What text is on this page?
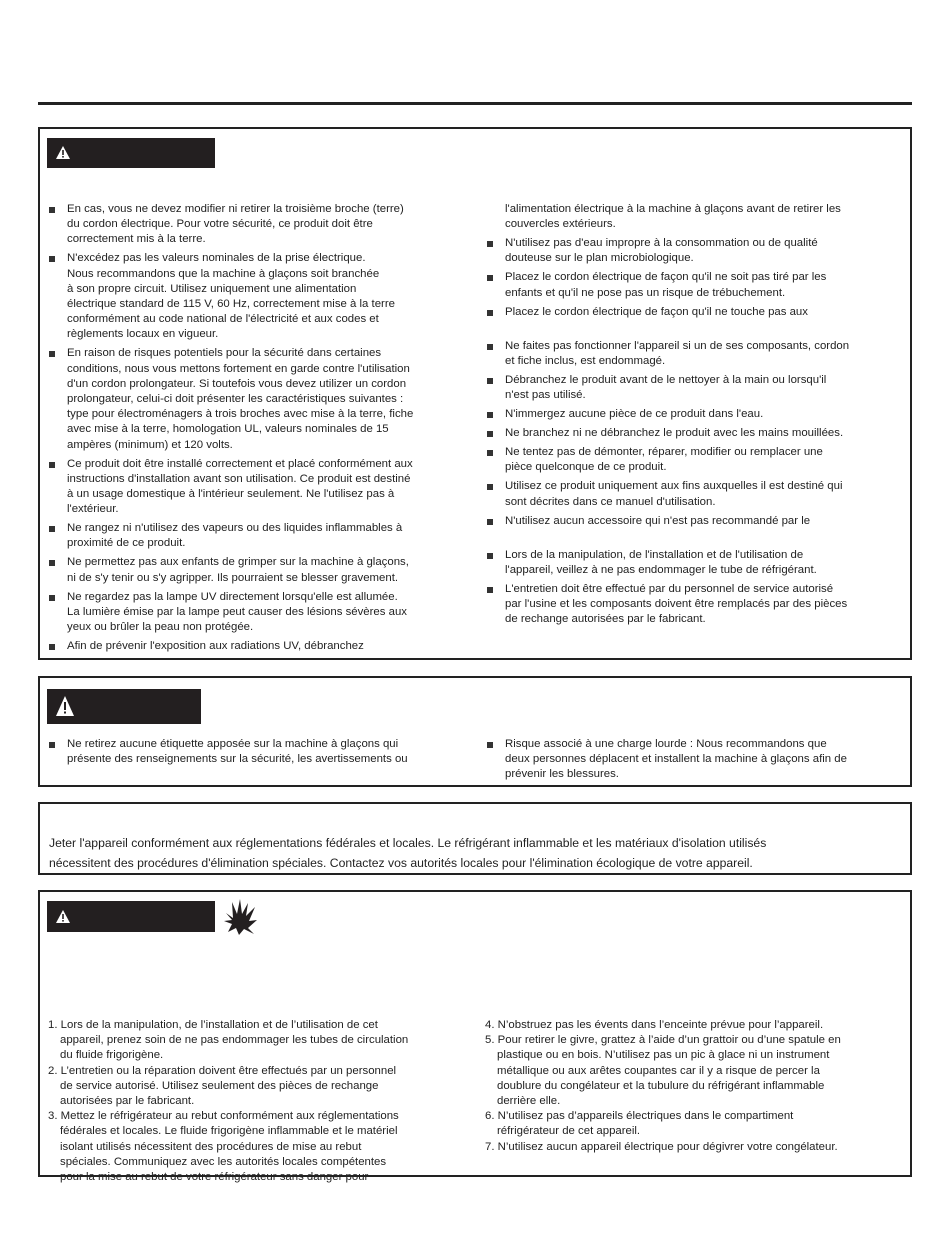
En cas, vous ne devez modifier ni retirer la troisième broche (terre)
du cordon électrique. Pour votre sécurité, ce produit doit être
correctement mis à la terre.
N'excédez pas les valeurs nominales de la prise électrique.
Nous recommandons que la machine à glaçons soit branchée
à son propre circuit. Utilisez uniquement une alimentation
électrique standard de 115 V, 60 Hz, correctement mise à la terre
conformément au code national de l'électricité et aux codes et
règlements locaux en vigueur.
En raison de risques potentiels pour la sécurité dans certaines
conditions, nous vous mettons fortement en garde contre l'utilisation
d'un cordon prolongateur. Si toutefois vous devez utilizer un cordon
prolongateur, celui-ci doit présenter les caractéristiques suivantes :
type pour électroménagers à trois broches avec mise à la terre, fiche
avec mise à la terre, homologation UL, valeurs nominales de 15
ampères (minimum) et 120 volts.
Ce produit doit être installé correctement et placé conformément aux
instructions d'installation avant son utilisation. Ce produit est destiné
à un usage domestique à l'intérieur seulement. Ne l'utilisez pas à
l'extérieur.
Ne rangez ni n'utilisez des vapeurs ou des liquides inflammables à
proximité de ce produit.
Ne permettez pas aux enfants de grimper sur la machine à glaçons,
ni de s'y tenir ou s'y agripper. Ils pourraient se blesser gravement.
Ne regardez pas la lampe UV directement lorsqu'elle est allumée.
La lumière émise par la lampe peut causer des lésions sévères aux
yeux ou brûler la peau non protégée.
Afin de prévenir l'exposition aux radiations UV, débranchez
l'alimentation électrique à la machine à glaçons avant de retirer les
couvercles extérieurs.
N'utilisez pas d'eau impropre à la consommation ou de qualité
douteuse sur le plan microbiologique.
Placez le cordon électrique de façon qu'il ne soit pas tiré par les
enfants et qu'il ne pose pas un risque de trébuchement.
Placez le cordon électrique de façon qu'il ne touche pas aux
Ne faites pas fonctionner l'appareil si un de ses composants, cordon
et fiche inclus, est endommagé.
Débranchez le produit avant de le nettoyer à la main ou lorsqu'il
n'est pas utilisé.
N'immergez aucune pièce de ce produit dans l'eau.
Ne branchez ni ne débranchez le produit avec les mains mouillées.
Ne tentez pas de démonter, réparer, modifier ou remplacer une
pièce quelconque de ce produit.
Utilisez ce produit uniquement aux fins auxquelles il est destiné qui
sont décrites dans ce manuel d'utilisation.
N'utilisez aucun accessoire qui n'est pas recommandé par le
Lors de la manipulation, de l'installation et de l'utilisation de
l'appareil, veillez à ne pas endommager le tube de réfrigérant.
L'entretien doit être effectué par du personnel de service autorisé
par l'usine et les composants doivent être remplacés par des pièces
de rechange autorisées par le fabricant.
Ne retirez aucune étiquette apposée sur la machine à glaçons qui
présente des renseignements sur la sécurité, les avertissements ou
Risque associé à une charge lourde : Nous recommandons que
deux personnes déplacent et installent la machine à glaçons afin de
prévenir les blessures.
Jeter l'appareil conformément aux réglementations fédérales et locales. Le réfrigérant inflammable et les matériaux d'isolation utilisés
nécessitent des procédures d'élimination spéciales. Contactez vos autorités locales pour l'élimination écologique de votre appareil.
1. Lors de la manipulation, de l’installation et de l’utilisation de cet
appareil, prenez soin de ne pas endommager les tubes de circulation
du fluide frigorigène.
2. L’entretien ou la réparation doivent être effectués par un personnel
de service autorisé. Utilisez seulement des pièces de rechange
autorisées par le fabricant.
3. Mettez le réfrigérateur au rebut conformément aux réglementations
fédérales et locales. Le fluide frigorigène inflammable et le matériel
isolant utilisés nécessitent des procédures de mise au rebut
spéciales. Communiquez avec les autorités locales compétentes
pour la mise au rebut de votre réfrigérateur sans danger pour
4. N’obstruez pas les évents dans l’enceinte prévue pour l’appareil.
5. Pour retirer le givre, grattez à l’aide d’un grattoir ou d’une spatule en
plastique ou en bois. N’utilisez pas un pic à glace ni un instrument
métallique ou aux arêtes coupantes car il y a risque de percer la
doublure du congélateur et la tubulure du réfrigérant inflammable
derrière elle.
6. N’utilisez pas d’appareils électriques dans le compartiment
réfrigérateur de cet appareil.
7. N’utilisez aucun appareil électrique pour dégivrer votre congélateur.
